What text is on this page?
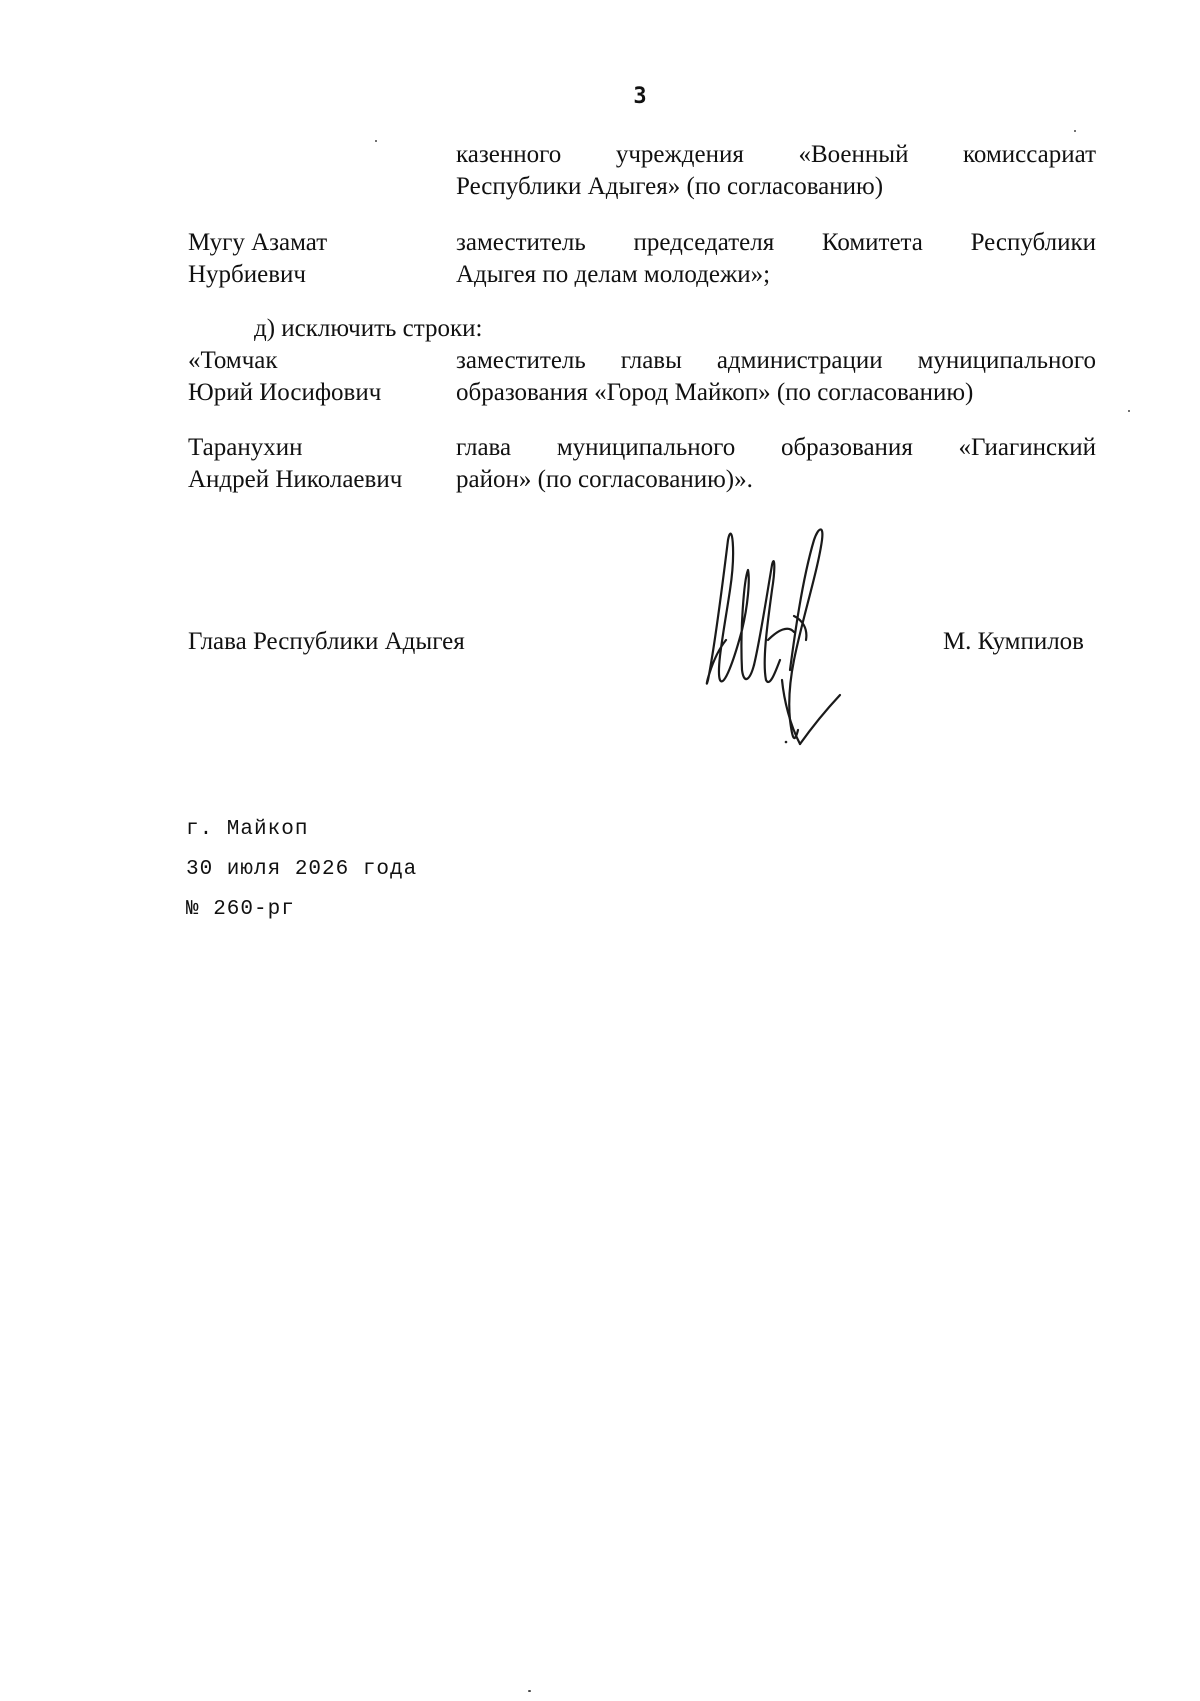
3
казенного учреждения «Военный комиссариат
Республики Адыгея» (по согласованию)
Мугу Азамат
Нурбиевич
заместитель председателя Комитета Республики
Адыгея по делам молодежи»;
д) исключить строки:
«Томчак
Юрий Иосифович
заместитель главы администрации муниципального
образования «Город Майкоп» (по согласованию)
Таранухин
Андрей Николаевич
глава муниципального образования «Гиагинский
район» (по согласованию)».
Глава Республики Адыгея	М. Кумпилов
г. Майкоп
30 июля 2026 года
№ 260-рг
